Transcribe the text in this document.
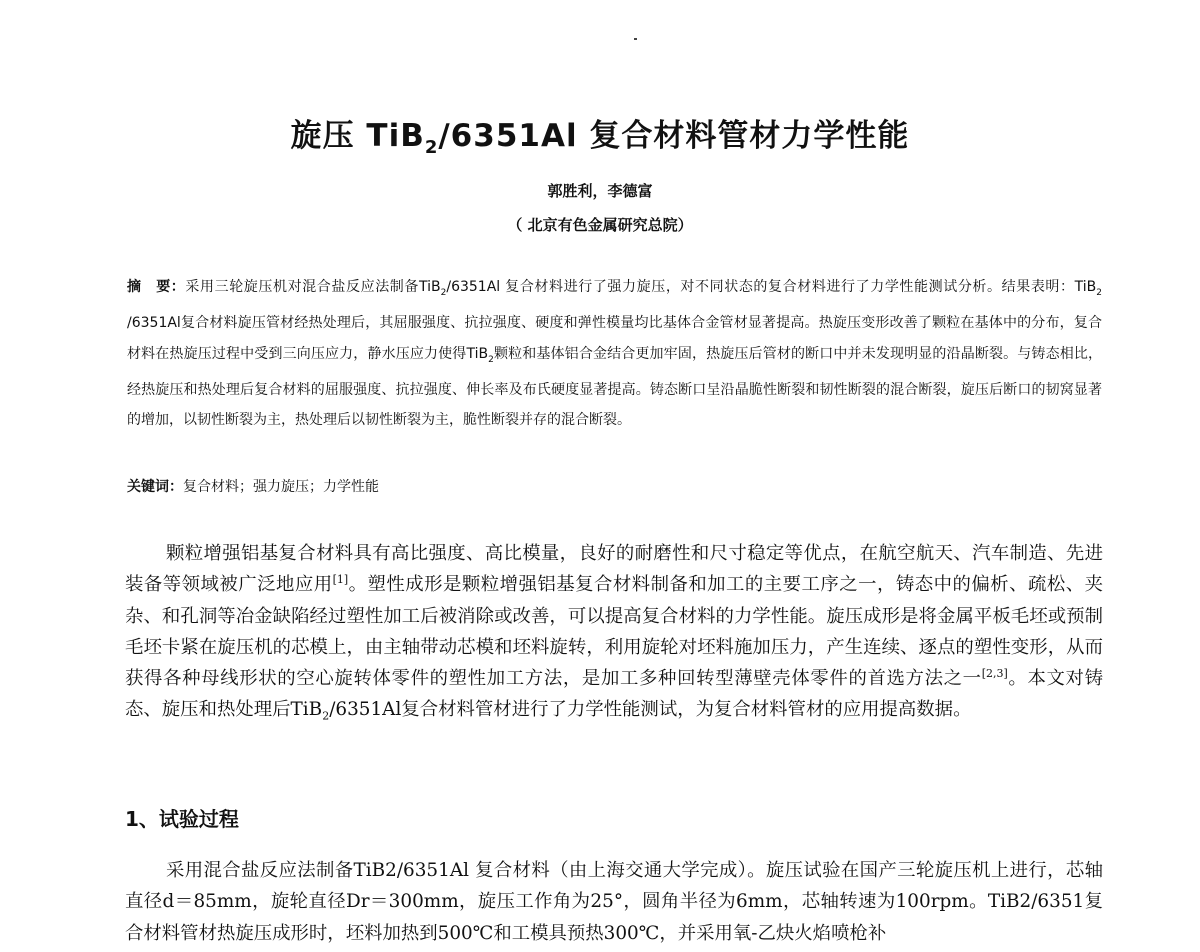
旋压 TiB$_2$/6351Al 复合材料管材力学性能
郭胜利，李德富
（ 北京有色金属研究总院）
摘　要：采用三轮旋压机对混合盐反应法制备TiB$_2$/6351Al 复合材料进行了强力旋压，对不同状态的复合材料进行了力学性能测试分析。结果表明：TiB$_2$ /6351Al复合材料旋压管材经热处理后，其屈服强度、抗拉强度、硬度和弹性模量均比基体合金管材显著提高。热旋压变形改善了颗粒在基体中的分布，复合材料在热旋压过程中受到三向压应力，静水压应力使得TiB$_2$颗粒和基体铝合金结合更加牢固，热旋压后管材的断口中并未发现明显的沿晶断裂。与铸态相比，经热旋压和热处理后复合材料的屈服强度、抗拉强度、伸长率及布氏硬度显著提高。铸态断口呈沿晶脆性断裂和韧性断裂的混合断裂，旋压后断口的韧窝显著的增加，以韧性断裂为主，热处理后以韧性断裂为主，脆性断裂并存的混合断裂。
关键词：复合材料；强力旋压；力学性能
颗粒增强铝基复合材料具有高比强度、高比模量，良好的耐磨性和尺寸稳定等优点，在航空航天、汽车制造、先进装备等领域被广泛地应用[1]。塑性成形是颗粒增强铝基复合材料制备和加工的主要工序之一，铸态中的偏析、疏松、夹杂、和孔洞等冶金缺陷经过塑性加工后被消除或改善，可以提高复合材料的力学性能。旋压成形是将金属平板毛坯或预制毛坯卡紧在旋压机的芯模上，由主轴带动芯模和坯料旋转，利用旋轮对坯料施加压力，产生连续、逐点的塑性变形，从而获得各种母线形状的空心旋转体零件的塑性加工方法，是加工多种回转型薄壁壳体零件的首选方法之一[2,3]。本文对铸态、旋压和热处理后TiB$_2$/6351Al复合材料管材进行了力学性能测试，为复合材料管材的应用提高数据。
1、试验过程
采用混合盐反应法制备TiB2/6351Al 复合材料（由上海交通大学完成）。旋压试验在国产三轮旋压机上进行，芯轴直径d＝85mm，旋轮直径Dr＝300mm，旋压工作角为25°，圆角半径为6mm，芯轴转速为100rpm。TiB2/6351复合材料管材热旋压成形时，坯料加热到500℃和工模具预热300℃，并采用氧-乙炔火焰喷枪补
